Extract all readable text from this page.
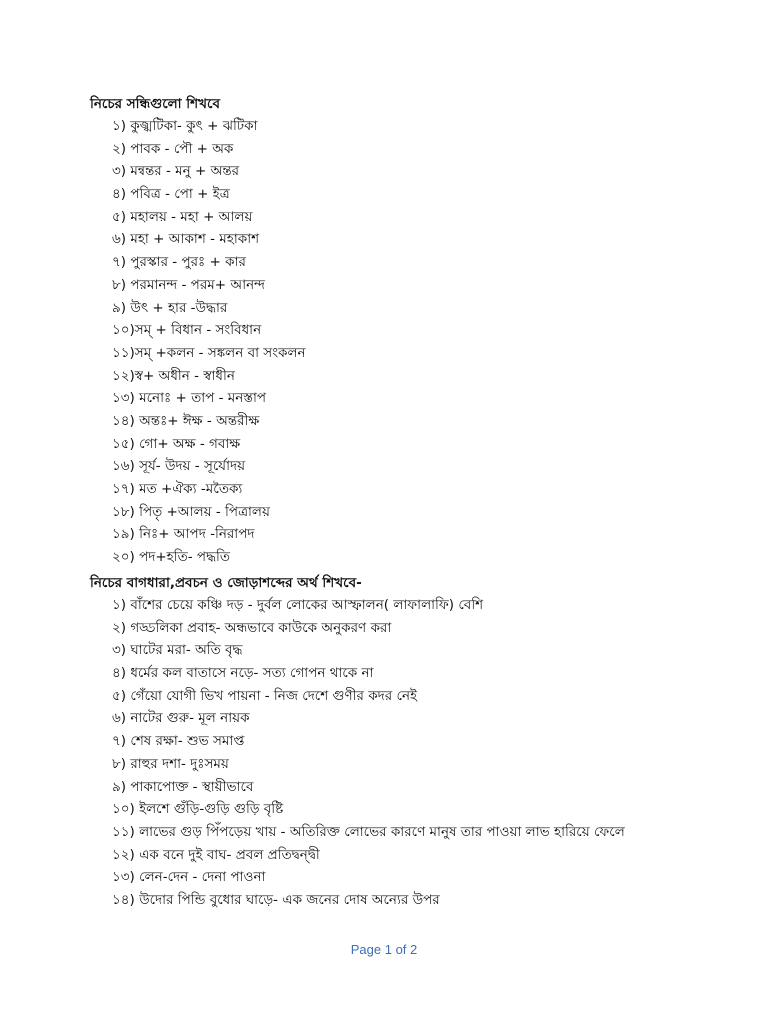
নিচের সন্ধিগুলো শিখবে
১) কুজ্ঝটিকা- কুৎ + ঝটিকা
২) পাবক - পৌ + অক
৩) মন্বন্তর - মনু + অন্তর
৪) পবিত্র - পো + ইত্র
৫) মহালয় - মহা + আলয়
৬) মহা + আকাশ - মহাকাশ
৭) পুরস্কার - পুরঃ + কার
৮) পরমানন্দ - পরম+ আনন্দ
৯) উৎ + হার -উদ্ধার
১০)সম্ + বিধান - সংবিধান
১১)সম্ +কলন - সঙ্কলন বা সংকলন
১২)স্ব+ অধীন - স্বাধীন
১৩) মনোঃ + তাপ - মনস্তাপ
১৪) অন্তঃ+ ঈক্ষ - অন্তরীক্ষ
১৫) গো+ অক্ষ - গবাক্ষ
১৬) সূর্য- উদয় - সূর্যোদয়
১৭) মত +ঐক্য -মতৈক্য
১৮) পিতৃ +আলয় - পিত্রালয়
১৯) নিঃ+ আপদ -নিরাপদ
২০) পদ+হতি- পদ্ধতি
নিচের বাগধারা,প্রবচন ও জোড়াশব্দের অর্থ শিখবে-
১) বাঁশের চেয়ে কঞ্চি দড় - দুর্বল লোকের আস্ফালন( লাফালাফি) বেশি
২) গড্ডলিকা প্রবাহ- অন্ধভাবে কাউকে অনুকরণ করা
৩) ঘাটের মরা- অতি বৃদ্ধ
৪) ধর্মের কল বাতাসে নড়ে- সত্য গোপন থাকে না
৫) গেঁয়ো যোগী ভিখ পায়না - নিজ দেশে গুণীর কদর নেই
৬) নাটের গুরু- মূল নায়ক
৭) শেষ রক্ষা- শুভ সমাপ্ত
৮) রাহুর দশা- দুঃসময়
৯) পাকাপোক্ত - স্থায়ীভাবে
১০) ইলশে গুঁড়ি-গুড়ি গুড়ি বৃষ্টি
১১) লাভের গুড় পিঁপড়েয় খায় - অতিরিক্ত লোভের কারণে মানুষ তার পাওয়া লাভ হারিয়ে ফেলে
১২) এক বনে দুই বাঘ- প্রবল প্রতিদ্বন্দ্বী
১৩) লেন-দেন - দেনা পাওনা
১৪) উদোর পিন্ডি বুধোর ঘাড়ে- এক জনের দোষ অন্যের উপর
Page 1 of 2
